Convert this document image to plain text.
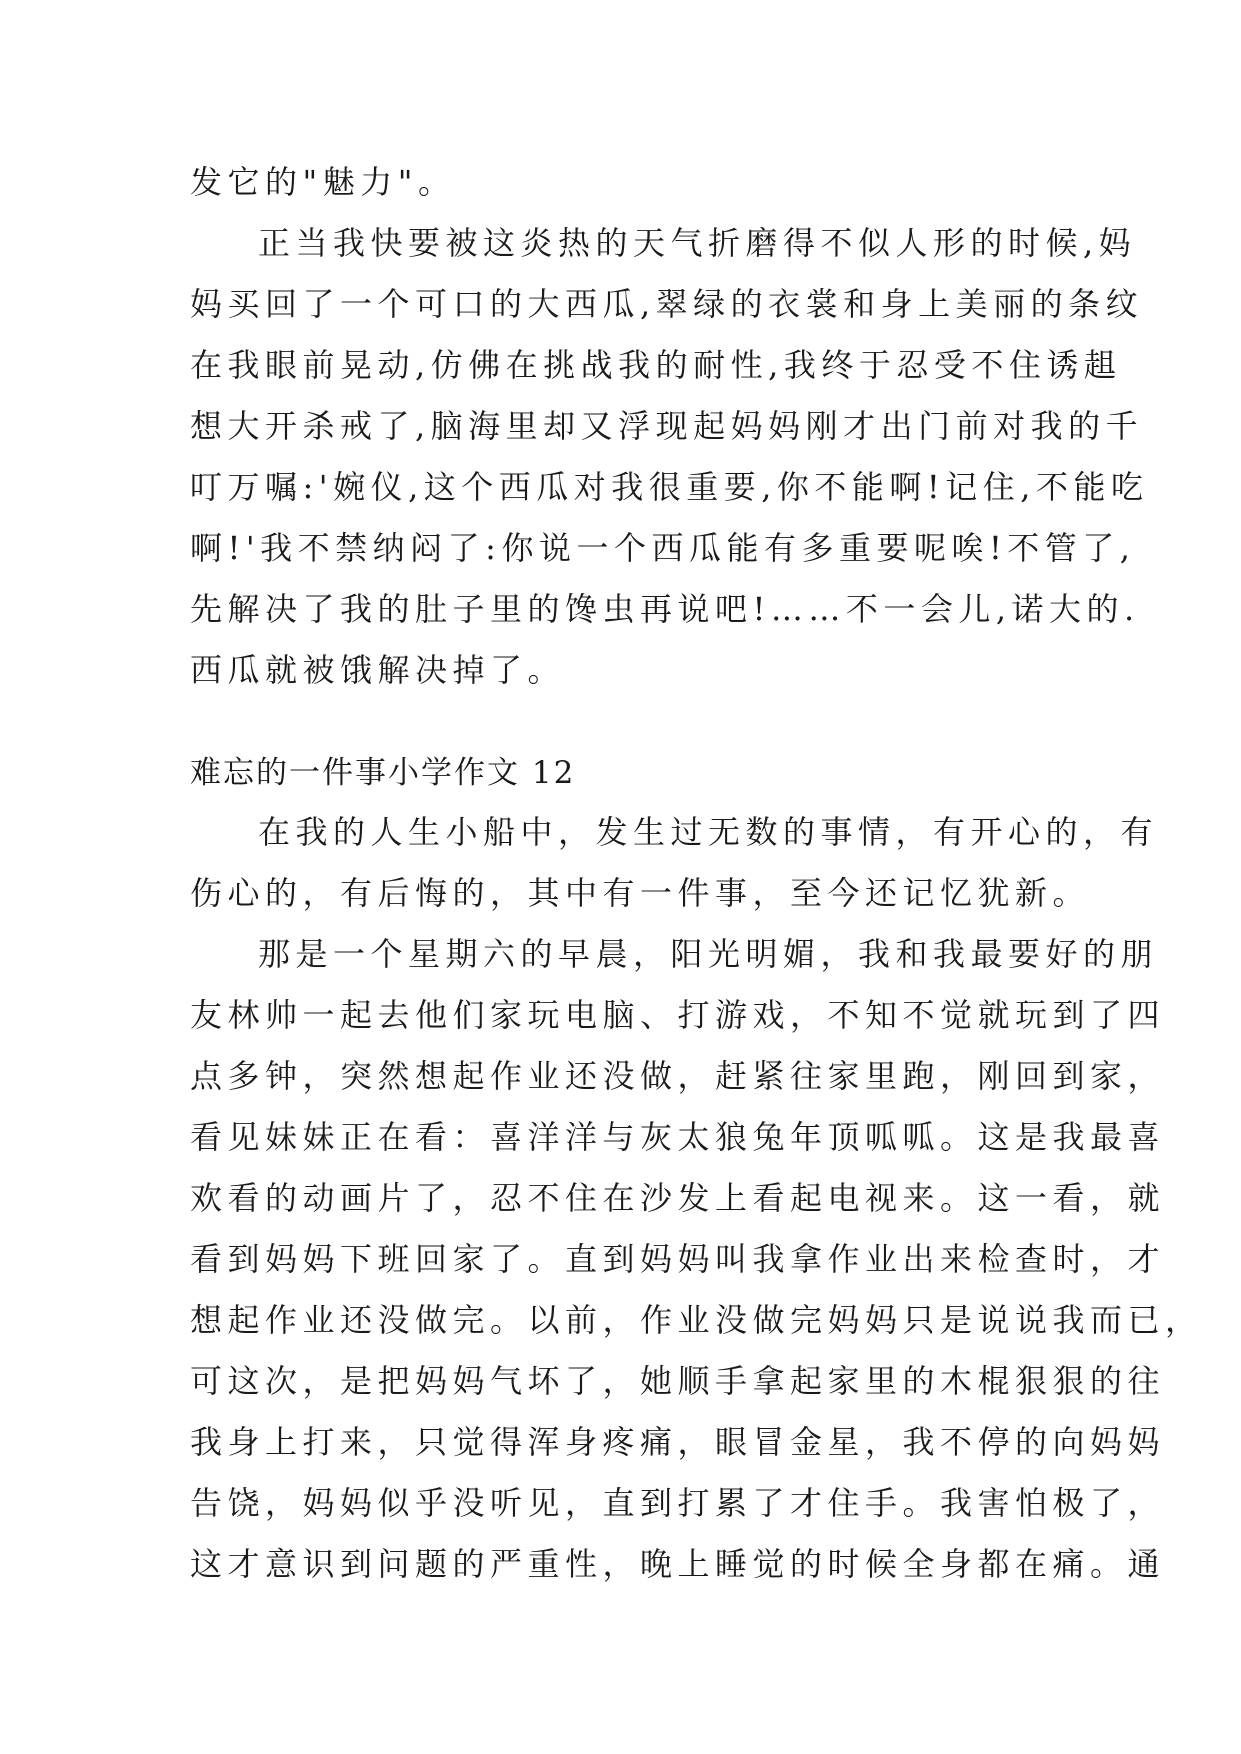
发它的"魅力"。
正当我快要被这炎热的天气折磨得不似人形的时候,妈
妈买回了一个可口的大西瓜,翠绿的衣裳和身上美丽的条纹
在我眼前晃动,仿佛在挑战我的耐性,我终于忍受不住诱趄
想大开杀戒了,脑海里却又浮现起妈妈刚才出门前对我的千
叮万嘱:'婉仪,这个西瓜对我很重要,你不能啊!记住,不能吃
啊!'我不禁纳闷了:你说一个西瓜能有多重要呢唉!不管了,
先解决了我的肚子里的馋虫再说吧!……不一会儿,诺大的.
西瓜就被饿解决掉了。
难忘的一件事小学作文 12
在我的人生小船中，发生过无数的事情，有开心的，有
伤心的，有后悔的，其中有一件事，至今还记忆犹新。
那是一个星期六的早晨，阳光明媚，我和我最要好的朋
友林帅一起去他们家玩电脑、打游戏，不知不觉就玩到了四
点多钟，突然想起作业还没做，赶紧往家里跑，刚回到家，
看见妹妹正在看：喜洋洋与灰太狼兔年顶呱呱。这是我最喜
欢看的动画片了，忍不住在沙发上看起电视来。这一看，就
看到妈妈下班回家了。直到妈妈叫我拿作业出来检查时，才
想起作业还没做完。以前，作业没做完妈妈只是说说我而已，
可这次，是把妈妈气坏了，她顺手拿起家里的木棍狠狠的往
我身上打来，只觉得浑身疼痛，眼冒金星，我不停的向妈妈
告饶，妈妈似乎没听见，直到打累了才住手。我害怕极了，
这才意识到问题的严重性，晚上睡觉的时候全身都在痛。通
